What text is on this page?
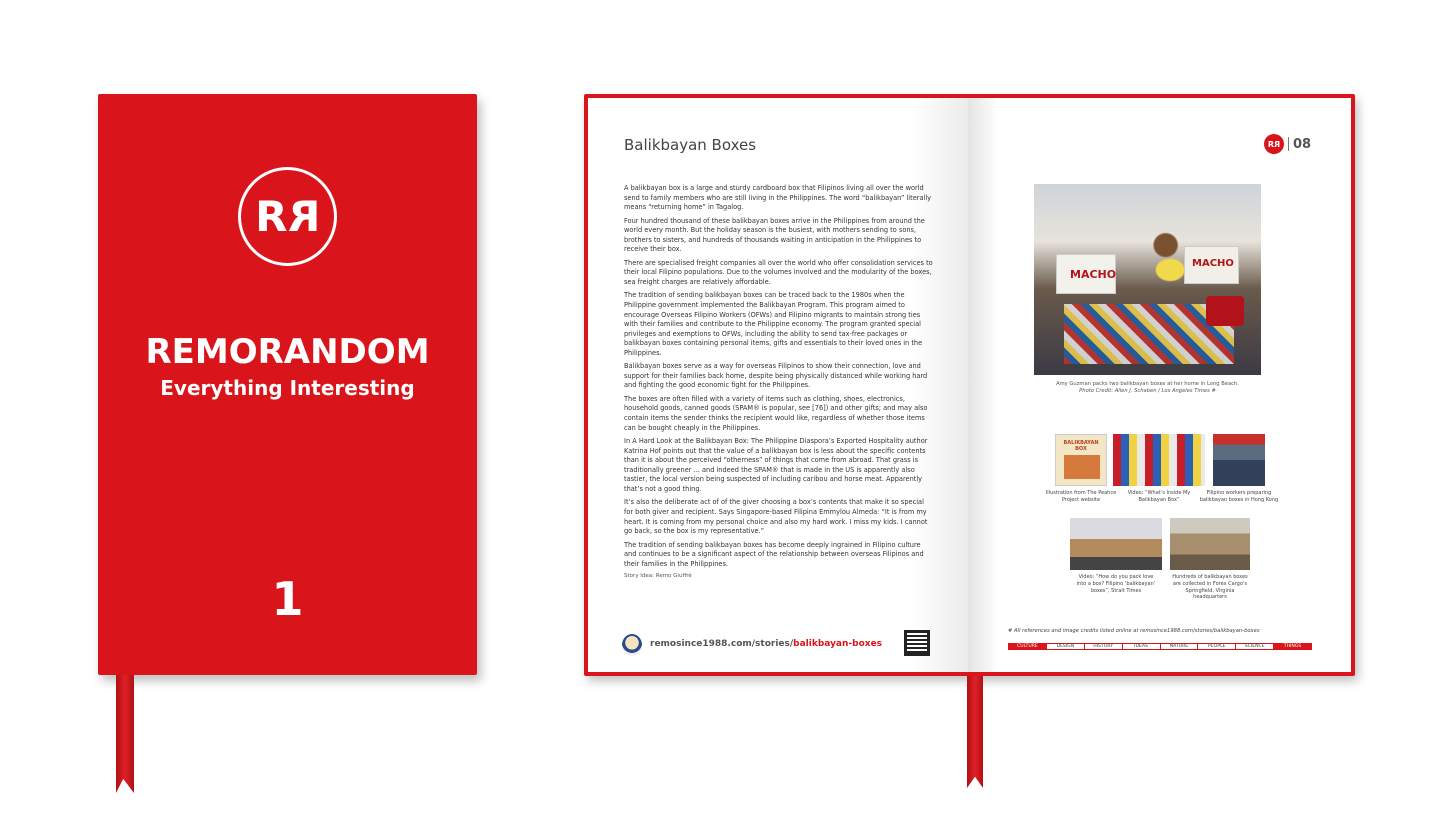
R R
REMORANDOM
Everything Interesting
1
Balikbayan Boxes

A balikbayan box is a large and sturdy cardboard box that Filipinos living all over the world send to family members who are still living in the Philippines. The word “balikbayan” literally means “returning home” in Tagalog.

Four hundred thousand of these balikbayan boxes arrive in the Philippines from around the world every month. But the holiday season is the busiest, with mothers sending to sons, brothers to sisters, and hundreds of thousands waiting in anticipation in the Philippines to receive their box.

There are specialised freight companies all over the world who offer consolidation services to their local Filipino populations. Due to the volumes involved and the modularity of the boxes, sea freight charges are relatively affordable.

The tradition of sending balikbayan boxes can be traced back to the 1980s when the Philippine government implemented the Balikbayan Program. This program aimed to encourage Overseas Filipino Workers (OFWs) and Filipino migrants to maintain strong ties with their families and contribute to the Philippine economy. The program granted special privileges and exemptions to OFWs, including the ability to send tax-free packages or balikbayan boxes containing personal items, gifts and essentials to their loved ones in the Philippines.

Balikbayan boxes serve as a way for overseas Filipinos to show their connection, love and support for their families back home, despite being physically distanced while working hard and fighting the good economic fight for the Philippines.

The boxes are often filled with a variety of items such as clothing, shoes, electronics, household goods, canned goods (SPAM® is popular, see [76]) and other gifts; and may also contain items the sender thinks the recipient would like, regardless of whether those items can be bought cheaply in the Philippines.

In A Hard Look at the Balikbayan Box: The Philippine Diaspora’s Exported Hospitality author Katrina Hof points out that the value of a balikbayan box is less about the specific contents than it is about the perceived “otherness” of things that come from abroad. That grass is traditionally greener ... and indeed the SPAM® that is made in the US is apparently also tastier, the local version being suspected of including caribou and horse meat. Apparently that’s not a good thing.

It’s also the deliberate act of of the giver choosing a box’s contents that make it so special for both giver and recipient. Says Singapore-based Filipina Emmylou Almeda: “It is from my heart. It is coming from my personal choice and also my hard work. I miss my kids. I cannot go back, so the box is my representative.”

The tradition of sending balikbayan boxes has become deeply ingrained in Filipino culture and continues to be a significant aspect of the relationship between overseas Filipinos and their families in the Philippines.

Story Idea: Remo Giuffrè
remosince1988.com/stories/balikbayan-boxes
R R 08
MACHO
MACHO
Amy Guzman packs two balikbayan boxes at her home in Long Beach.
Photo Credit: Allen J. Schaben / Los Angeles Times #
BALIKBAYAN BOX
Illustration from The Peahce Project website
Video: “What’s Inside My Balikbayan Box”
Filipino workers preparing balikbayan boxes in Hong Kong
Video: “How do you pack love into a box? Filipino ‘balikbayan’ boxes”, Strait Times
Hundreds of balikbayan boxes are collected in Forex Cargo’s Springfield, Virginia headquarters
# All references and image credits listed online at remosince1988.com/stories/balikbayan-boxes
CULTURE	DESIGN	HISTORY	IDEAS	NATURE	PEOPLE	SCIENCE	THINGS
